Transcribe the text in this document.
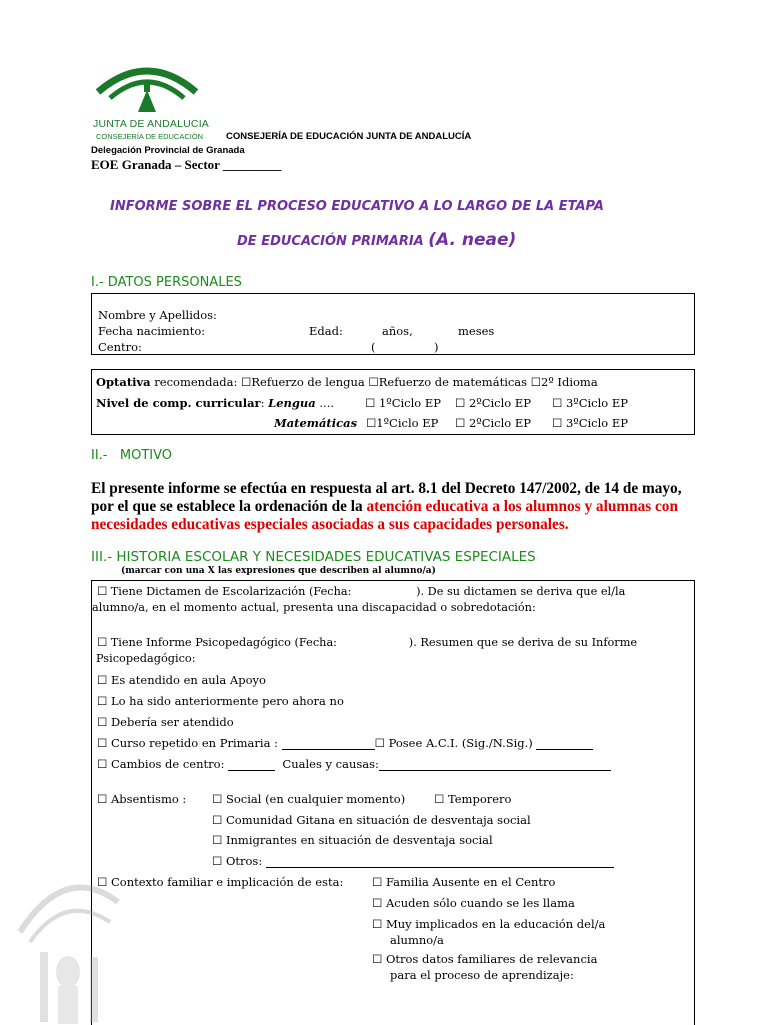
JUNTA DE ANDALUCIA
CONSEJERÍA DE EDUCACIÓN CONSEJERÍA DE EDUCACIÓN JUNTA DE ANDALUCÍA
Delegación Provincial de Granada
EOE Granada – Sector _________
INFORME SOBRE EL PROCESO EDUCATIVO A LO LARGO DE LA ETAPA
DE EDUCACIÓN PRIMARIA (A. neae)
I.- DATOS PERSONALES
Nombre y Apellidos:
Fecha nacimiento:	Edad:	años,	meses
Centro:	(                )
Optativa recomendada: ☐Refuerzo de lengua ☐Refuerzo de matemáticas ☐2º Idioma
Nivel de comp. curricular: Lengua ....	☐ 1ºCiclo EP ☐ 2ºCiclo EP ☐ 3ºCiclo EP
Matemáticas ☐1ºCiclo EP ☐ 2ºCiclo EP ☐ 3ºCiclo EP
II.-   MOTIVO
El presente informe se efectúa en respuesta al art. 8.1 del Decreto 147/2002, de 14 de mayo, por el que se establece la ordenación de la atención educativa a los alumnos y alumnas con necesidades educativas especiales asociadas a sus capacidades personales.
III.- HISTORIA ESCOLAR Y NECESIDADES EDUCATIVAS ESPECIALES
(marcar con una X las expresiones que describen al alumno/a)
☐ Tiene Dictamen de Escolarización (Fecha:                  ). De su dictamen se deriva que el/la
alumno/a, en el momento actual, presenta una discapacidad o sobredotación:
☐ Tiene Informe Psicopedagógico (Fecha:                    ). Resumen que se deriva de su Informe
Psicopedagógico:
☐ Es atendido en aula Apoyo
☐ Lo ha sido anteriormente pero ahora no
☐ Debería ser atendido
☐ Curso repetido en Primaria :	☐ Posee A.C.I. (Sig./N.Sig.)
☐ Cambios de centro:	Cuales y causas:
☐ Absentismo : ☐ Social (en cualquier momento)	☐ Temporero
☐ Comunidad Gitana en situación de desventaja social
☐ Inmigrantes en situación de desventaja social
☐ Otros:
☐ Contexto familiar e implicación de esta: ☐ Familia Ausente en el Centro
☐ Acuden sólo cuando se les llama
☐ Muy implicados en la educación del/a
alumno/a
☐ Otros datos familiares de relevancia
para el proceso de aprendizaje:
